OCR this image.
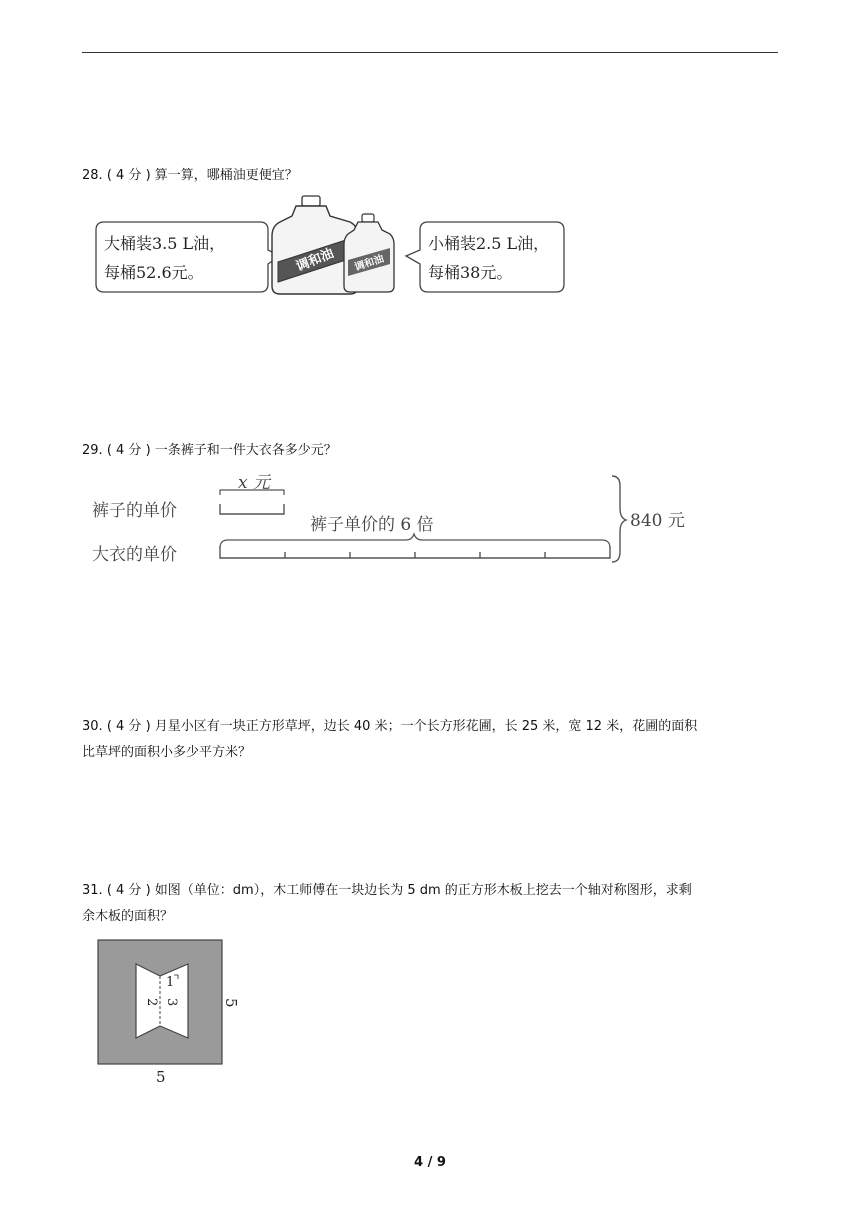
28. ( 4 分 ) 算一算，哪桶油更便宜？
大桶装3.5 L油，
每桶52.6元。	调和油 调和油
小桶装2.5 L油，
每桶38元。
29. ( 4 分 ) 一条裤子和一件大衣各多少元？
裤子的单价
大衣的单价
x 元
裤子单价的 6 倍	840 元
30. ( 4 分 ) 月星小区有一块正方形草坪，边长 40 米；一个长方形花圃，长 25 米，宽 12 米，花圃的面积
比草坪的面积小多少平方米？
31. ( 4 分 ) 如图（单位：dm），木工师傅在一块边长为 5 dm 的正方形木板上挖去一个轴对称图形，求剩
余木板的面积？
1
2 3	5
5
4 / 9
